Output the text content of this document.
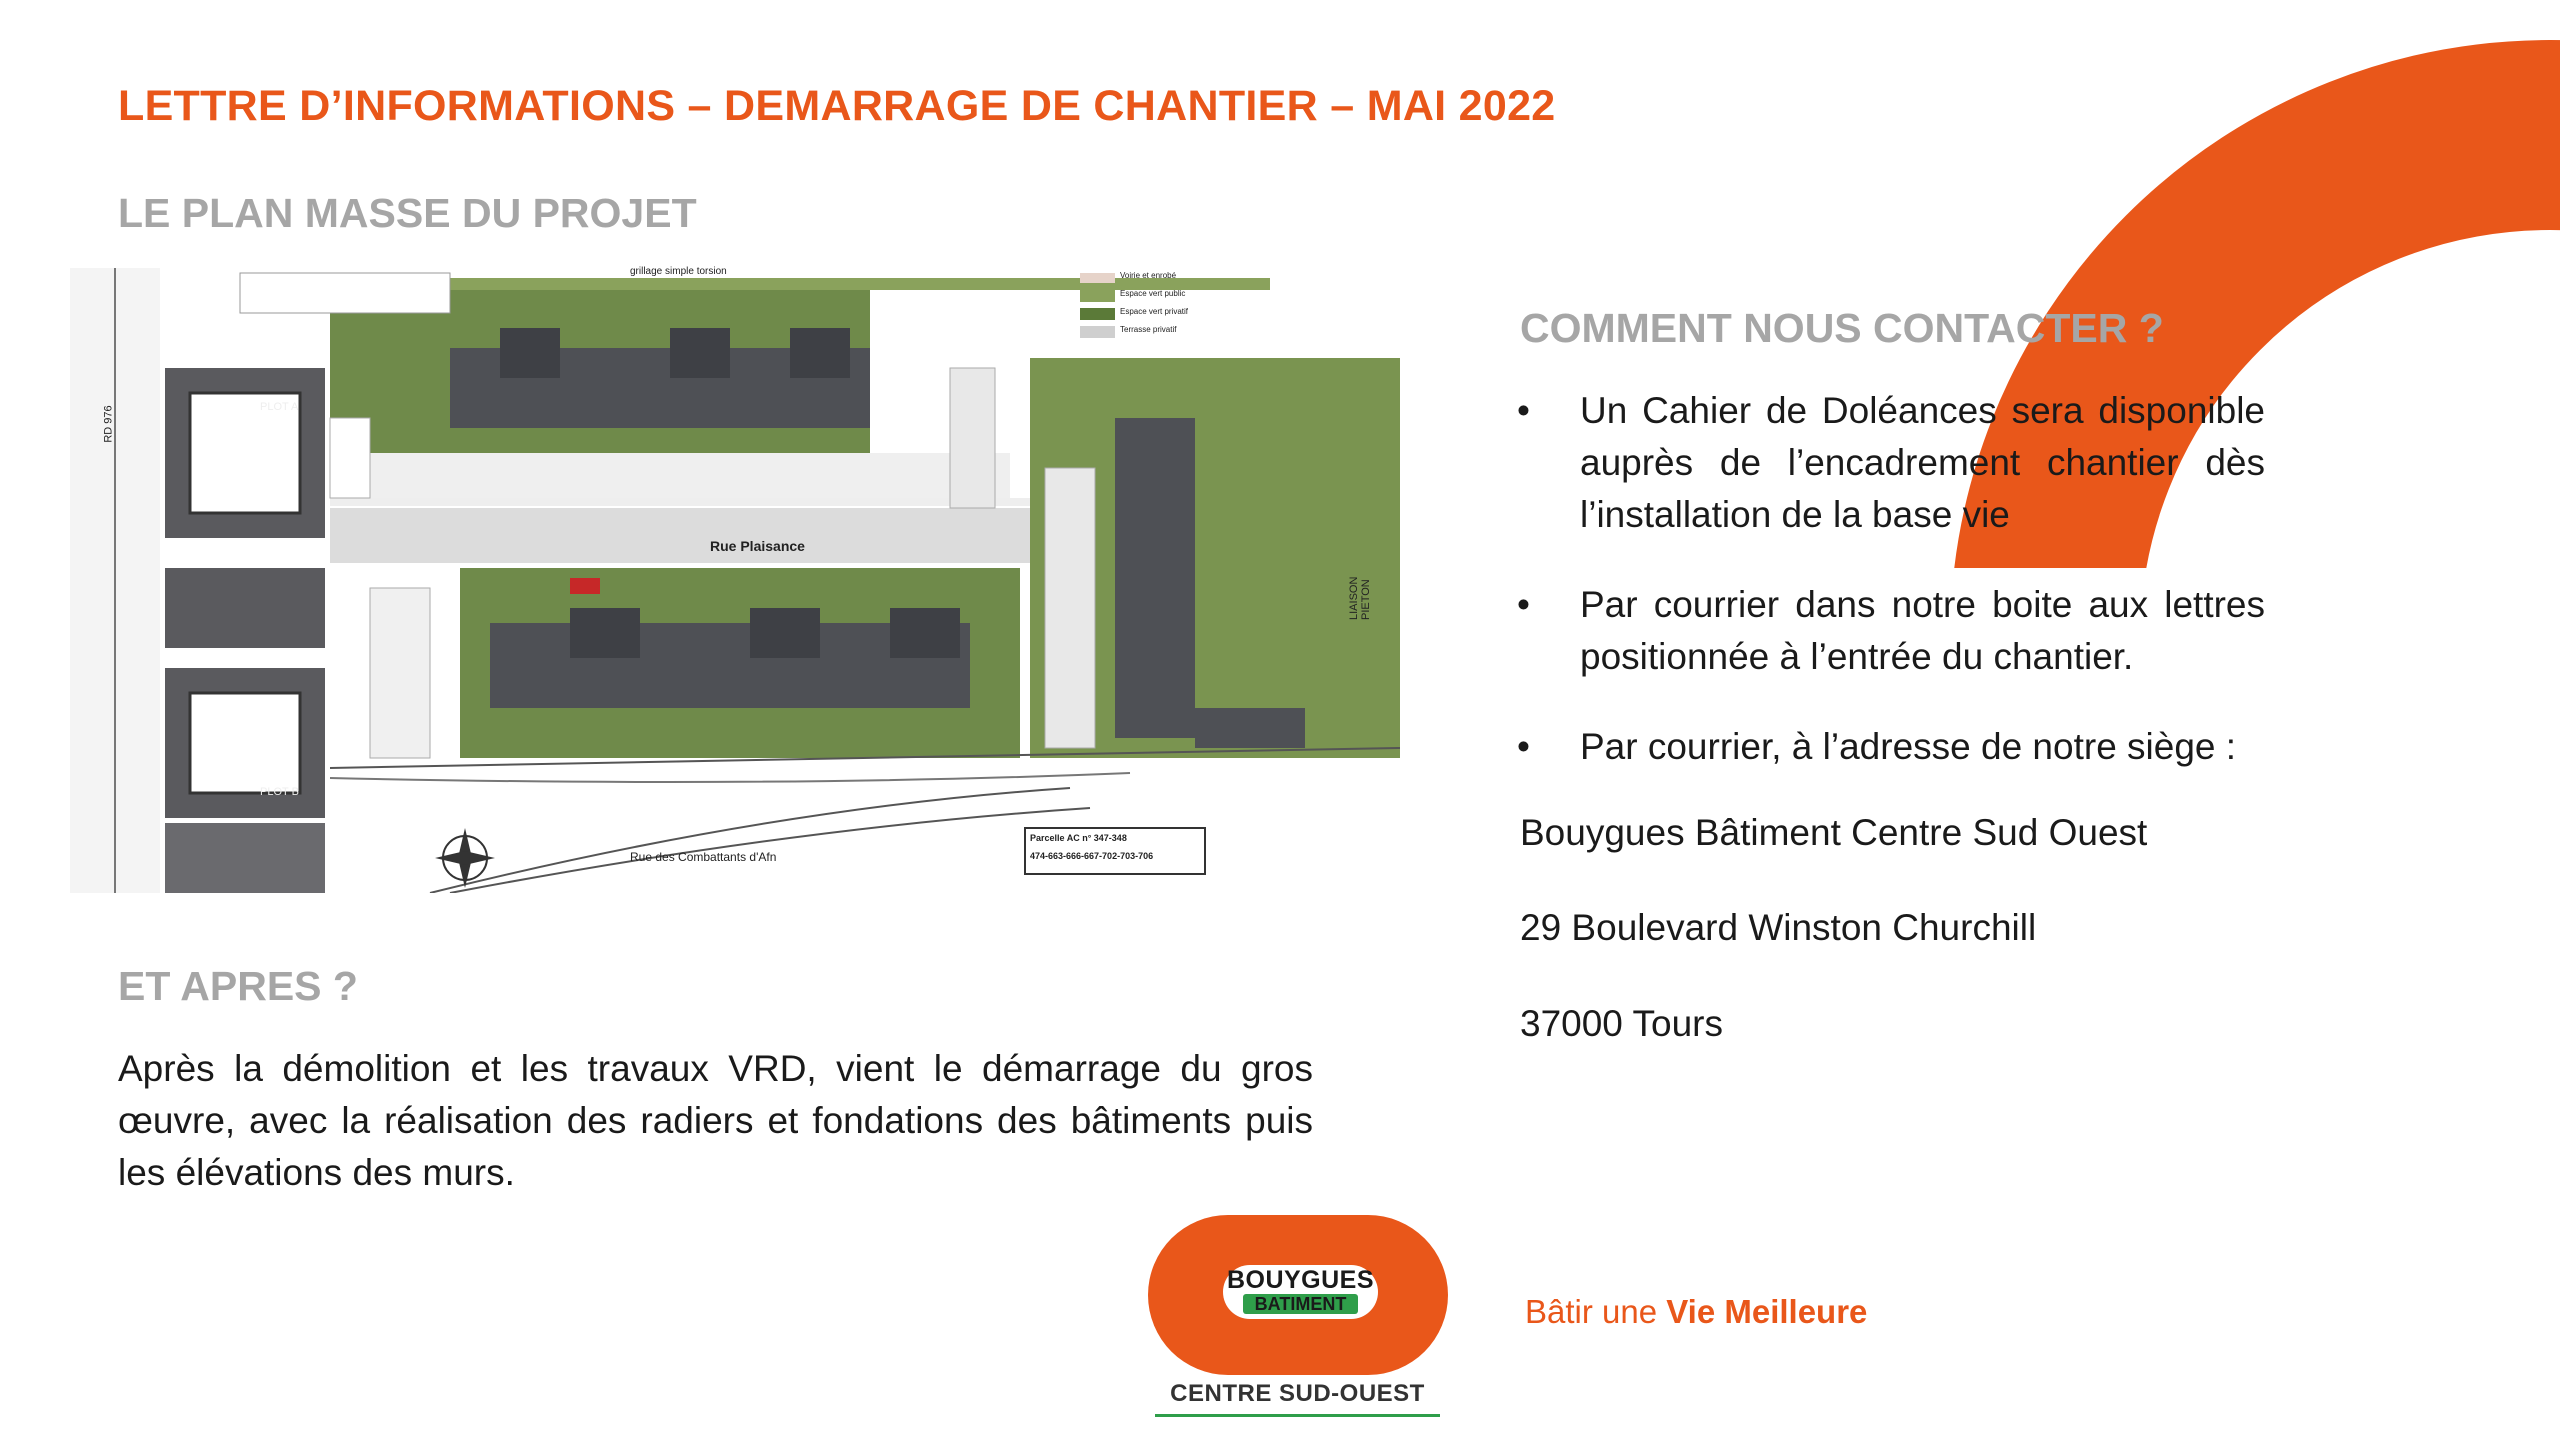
LETTRE D’INFORMATIONS – DEMARRAGE DE CHANTIER – MAI 2022
LE PLAN MASSE DU PROJET
Rue Plaisance
Rue des Combattants d'Afn
RD 976
LIAISON PIETON
PLOT A
PLOT B
Parcelle AC n° 347-348
474-663-666-667-702-703-706
grillage simple torsion	Voirie et enrobé
Espace vert public
Espace vert privatif
Terrasse privatif
ET APRES ?
Après la démolition et les travaux VRD, vient le démarrage du gros œuvre, avec la réalisation des radiers et fondations des bâtiments puis les élévations des murs.
COMMENT NOUS CONTACTER ?
• Un Cahier de Doléances sera disponible auprès de l’encadrement chantier dès l’installation de la base vie
• Par courrier dans notre boite aux lettres positionnée à l’entrée du chantier.
• Par courrier, à l’adresse de notre siège :
Bouygues Bâtiment Centre Sud Ouest
29 Boulevard Winston Churchill
37000 Tours
BOUYGUES
BATIMENT
CENTRE SUD-OUEST
Bâtir une Vie Meilleure
